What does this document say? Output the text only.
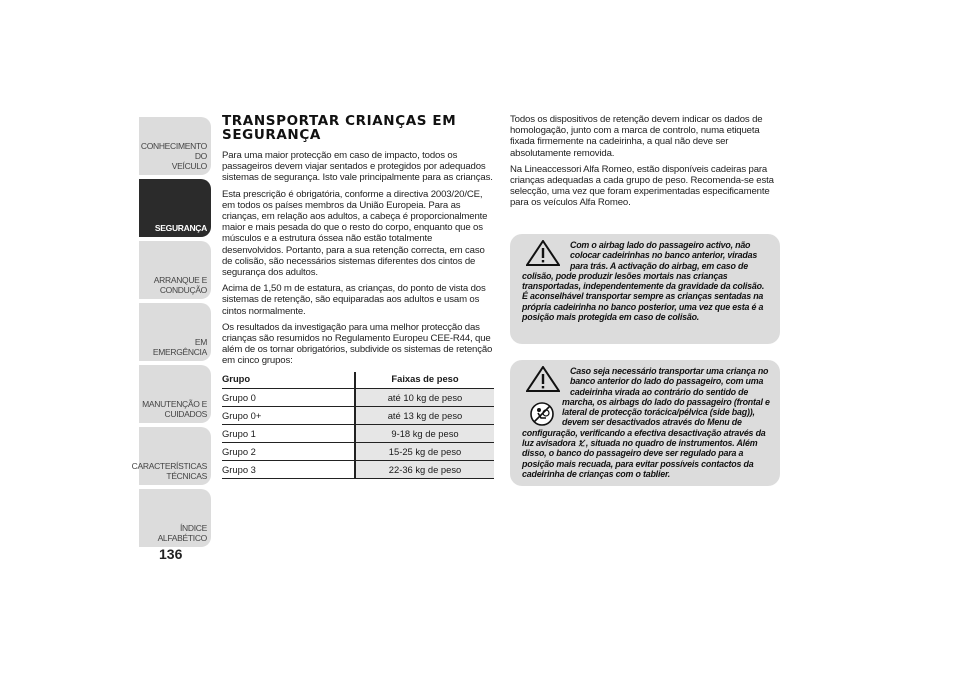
CONHECIMENTO DO
VEÍCULO
SEGURANÇA
ARRANQUE E
CONDUÇÃO
EM EMERGÊNCIA
MANUTENÇÃO E
CUIDADOS
CARACTERÍSTICAS
TÉCNICAS
ÍNDICE ALFABÉTICO
136
TRANSPORTAR CRIANÇAS EM SEGURANÇA

Para uma maior protecção em caso de impacto, todos os passageiros devem viajar sentados e protegidos por adequados sistemas de segurança. Isto vale principalmente para as crianças.

Esta prescrição é obrigatória, conforme a directiva 2003/20/CE, em todos os países membros da União Europeia. Para as crianças, em relação aos adultos, a cabeça é proporcionalmente maior e mais pesada do que o resto do corpo, enquanto que os músculos e a estrutura óssea não estão totalmente desenvolvidos. Portanto, para a sua retenção correcta, em caso de colisão, são necessários sistemas diferentes dos cintos de segurança dos adultos.

Acima de 1,50 m de estatura, as crianças, do ponto de vista dos sistemas de retenção, são equiparadas aos adultos e usam os cintos normalmente.

Os resultados da investigação para uma melhor protecção das crianças são resumidos no Regulamento Europeu CEE-R44, que além de os tornar obrigatórios, subdivide os sistemas de retenção em cinco grupos:

Grupo	Faixas de peso
Grupo 0	até 10 kg de peso
Grupo 0+	até 13 kg de peso
Grupo 1	9-18 kg de peso
Grupo 2	15-25 kg de peso
Grupo 3	22-36 kg de peso

Todos os dispositivos de retenção devem indicar os dados de homologação, junto com a marca de controlo, numa etiqueta fixada firmemente na cadeirinha, a qual não deve ser absolutamente removida.

Na Lineaccessori Alfa Romeo, estão disponíveis cadeiras para crianças adequadas a cada grupo de peso. Recomenda-se esta selecção, uma vez que foram experimentadas especificamente para os veículos Alfa Romeo.

Com o airbag lado do passageiro activo, não colocar cadeirinhas no banco anterior, viradas para trás. A activação do airbag, em caso de colisão, pode produzir lesões mortais nas crianças transportadas, independentemente da gravidade da colisão. É aconselhável transportar sempre as crianças sentadas na própria cadeirinha no banco posterior, uma vez que esta é a posição mais protegida em caso de colisão.
Caso seja necessário transportar uma criança no banco anterior do lado do passageiro, com uma cadeirinha virada ao contrário do sentido de marcha, os airbags do lado do passageiro (frontal e lateral de protecção torácica/pélvica (side bag)), devem ser desactivados através do Menu de configuração, verificando a efectiva desactivação através da luz avisadora , situada no quadro de instrumentos. Além disso, o banco do passageiro deve ser regulado para a posição mais recuada, para evitar possíveis contactos da cadeirinha de crianças com o tablier.
